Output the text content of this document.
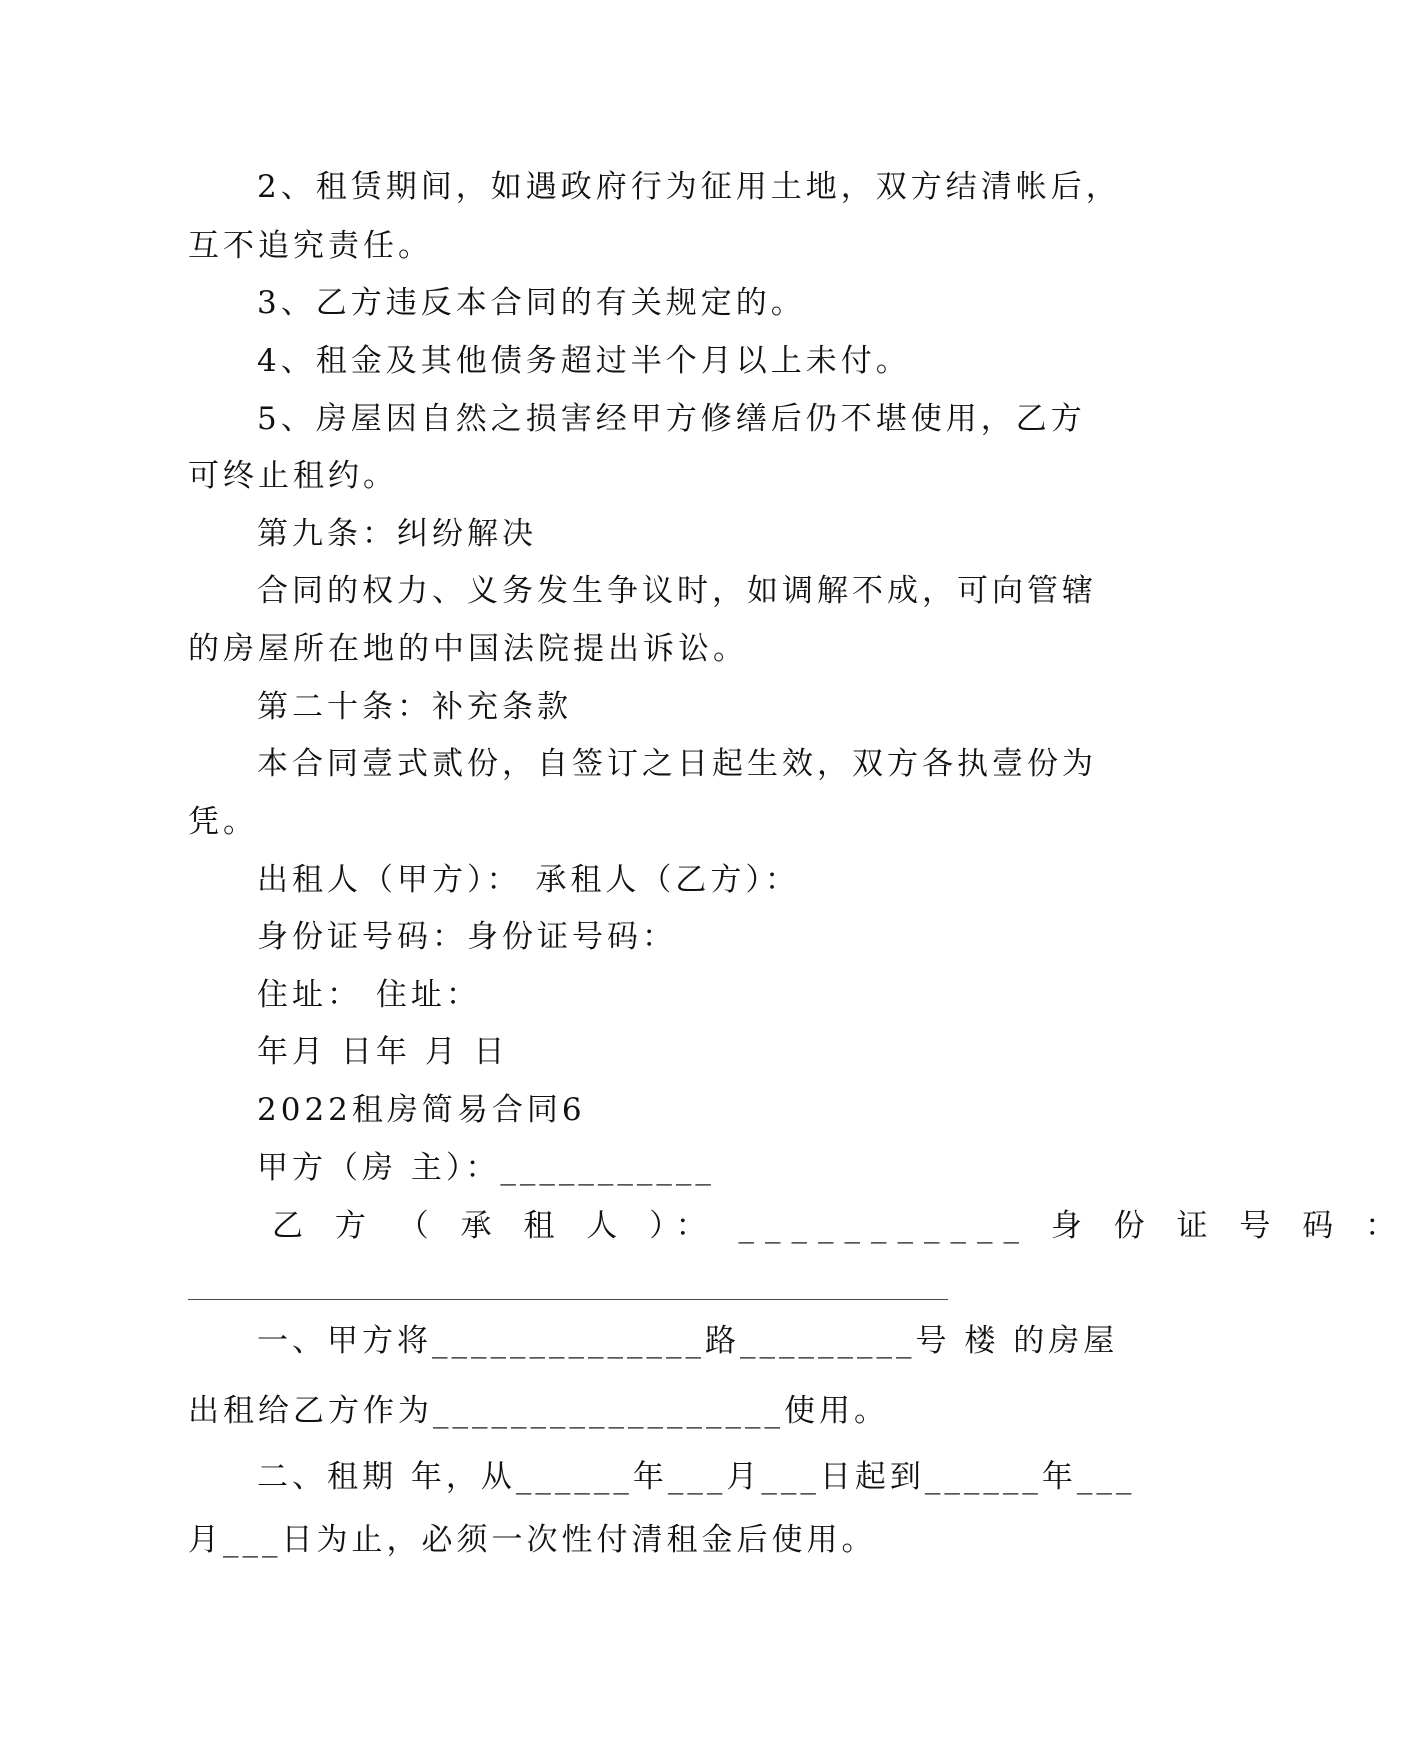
2、租赁期间，如遇政府行为征用土地，双方结清帐后，
互不追究责任。
3、乙方违反本合同的有关规定的。
4、租金及其他债务超过半个月以上未付。
5、房屋因自然之损害经甲方修缮后仍不堪使用，乙方
可终止租约。
第九条：纠纷解决
合同的权力、义务发生争议时，如调解不成，可向管辖
的房屋所在地的中国法院提出诉讼。
第二十条：补充条款
本合同壹式贰份，自签订之日起生效，双方各执壹份为
凭。
出租人（甲方）： 承租人（乙方）：
身份证号码：身份证号码：
住址： 住址：
年月 日年 月 日
2022租房简易合同6
甲方（房 主）：___________
乙 方 （ 承 租 人 ）： ___________ 身 份 证 号 码 ：
一、甲方将______________路_________号 楼 的房屋
出租给乙方作为__________________使用。
二、租期 年，从______年___月___日起到______年___
月___日为止，必须一次性付清租金后使用。
